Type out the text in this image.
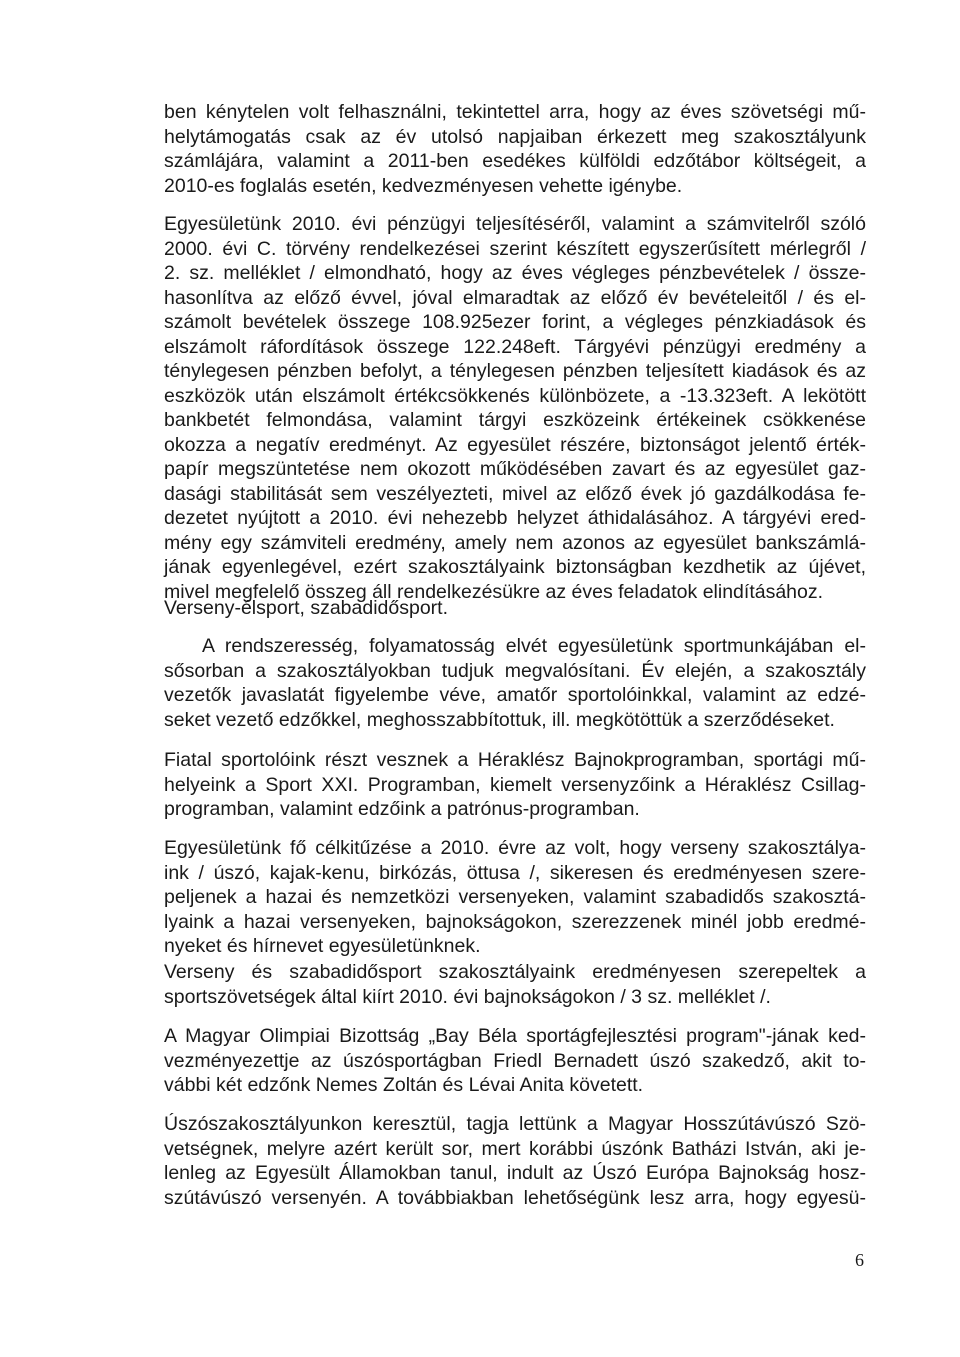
ben kénytelen volt felhasználni, tekintettel arra, hogy az éves szövetségi mű-
helytámogatás csak az év utolsó napjaiban érkezett meg szakosztályunk
számlájára, valamint a 2011-ben esedékes külföldi edzőtábor költségeit, a
2010-es foglalás esetén, kedvezményesen vehette igénybe.
Egyesületünk 2010. évi pénzügyi teljesítéséről, valamint a számvitelről szóló
2000. évi C. törvény rendelkezései szerint készített egyszerűsített mérlegről /
2. sz. melléklet / elmondható, hogy az éves végleges pénzbevételek / össze-
hasonlítva az előző évvel, jóval elmaradtak az előző év bevételeitől / és el-
számolt bevételek összege 108.925ezer forint, a végleges pénzkiadások és
elszámolt ráfordítások összege 122.248eft. Tárgyévi pénzügyi eredmény a
ténylegesen pénzben befolyt, a ténylegesen pénzben teljesített kiadások és az
eszközök után elszámolt értékcsökkenés különbözete, a -13.323eft. A lekötött
bankbetét felmondása, valamint tárgyi eszközeink értékeinek csökkenése
okozza a negatív eredményt. Az egyesület részére, biztonságot jelentő érték-
papír megszüntetése nem okozott működésében zavart és az egyesület gaz-
dasági stabilitását sem veszélyezteti, mivel az előző évek jó gazdálkodása fe-
dezetet nyújtott a 2010. évi nehezebb helyzet áthidalásához. A tárgyévi ered-
mény egy számviteli eredmény, amely nem azonos az egyesület bankszámlá-
jának egyenlegével, ezért szakosztályaink biztonságban kezdhetik az újévet,
mivel megfelelő összeg áll rendelkezésükre az éves feladatok elindításához.
Verseny-élsport, szabadidősport.
A rendszeresség, folyamatosság elvét egyesületünk sportmunkájában el-
sősorban a szakosztályokban tudjuk megvalósítani. Év elején, a szakosztály
vezetők javaslatát figyelembe véve, amatőr sportolóinkkal, valamint az edzé-
seket vezető edzőkkel, meghosszabbítottuk, ill. megkötöttük a szerződéseket.
Fiatal sportolóink részt vesznek a Héraklész Bajnokprogramban, sportági mű-
helyeink a Sport XXI. Programban, kiemelt versenyzőink a Héraklész Csillag-
programban, valamint edzőink a patrónus-programban.
Egyesületünk fő célkitűzése a 2010. évre az volt, hogy verseny szakosztálya-
ink / úszó, kajak-kenu, birkózás, öttusa /, sikeresen és eredményesen szere-
peljenek a hazai és nemzetközi versenyeken, valamint szabadidős szakosztá-
lyaink a hazai versenyeken, bajnokságokon, szerezzenek minél jobb eredmé-
nyeket és hírnevet egyesületünknek.
Verseny és szabadidősport szakosztályaink eredményesen szerepeltek a
sportszövetségek által kiírt 2010. évi bajnokságokon / 3 sz. melléklet /.
A Magyar Olimpiai Bizottság „Bay Béla sportágfejlesztési program"-jának ked-
vezményezettje az úszósportágban Friedl Bernadett úszó szakedző, akit to-
vábbi két edzőnk Nemes Zoltán és Lévai Anita követett.
Úszószakosztályunkon keresztül, tagja lettünk a Magyar Hosszútávúszó Szö-
vetségnek, melyre azért került sor, mert korábbi úszónk Batházi István, aki je-
lenleg az Egyesült Államokban tanul, indult az Úszó Európa Bajnokság hosz-
szútávúszó versenyén. A továbbiakban lehetőségünk lesz arra, hogy egyesü-
6
